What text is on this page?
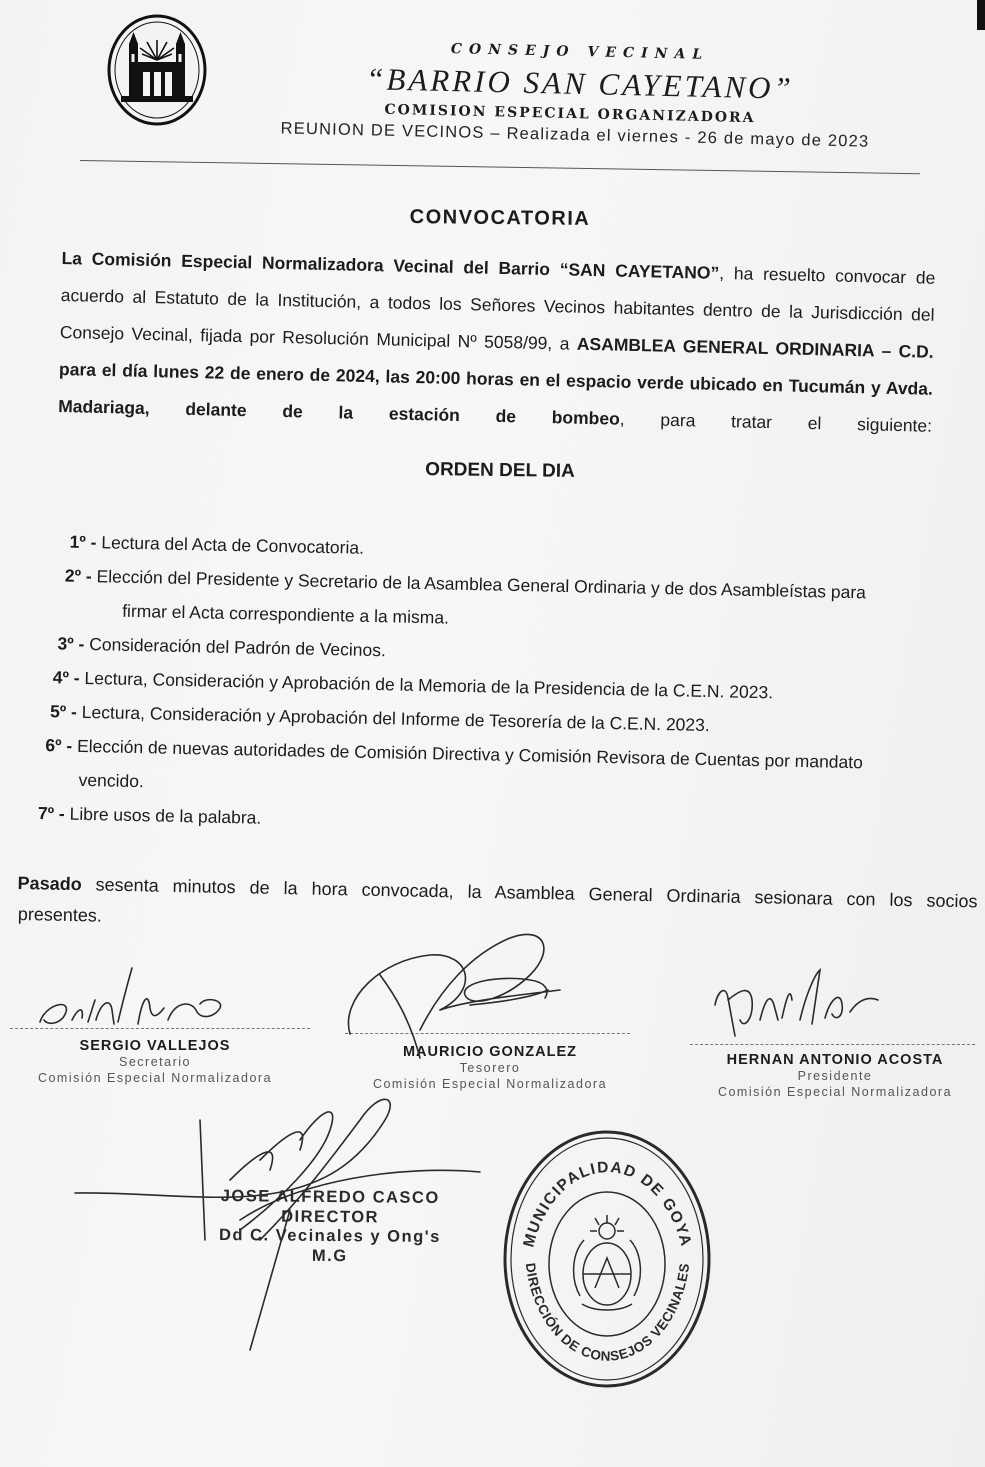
CONSEJO VECINAL
“BARRIO SAN CAYETANO”
COMISION ESPECIAL ORGANIZADORA
REUNION DE VECINOS – Realizada el viernes - 26 de mayo de 2023
CONVOCATORIA
La Comisión Especial Normalizadora Vecinal del Barrio “SAN CAYETANO”, ha resuelto convocar de acuerdo al Estatuto de la Institución, a todos los Señores Vecinos habitantes dentro de la Jurisdicción del Consejo Vecinal, fijada por Resolución Municipal Nº 5058/99, a ASAMBLEA GENERAL ORDINARIA – C.D. para el día lunes 22 de enero de 2024, las 20:00 horas en el espacio verde ubicado en Tucumán y Avda. Madariaga, delante de la estación de bombeo, para tratar el siguiente:
ORDEN DEL DIA
1º - Lectura del Acta de Convocatoria.
2º - Elección del Presidente y Secretario de la Asamblea General Ordinaria y de dos Asambleístas para
firmar el Acta correspondiente a la misma.
3º - Consideración del Padrón de Vecinos.
4º - Lectura, Consideración y Aprobación de la Memoria de la Presidencia de la C.E.N. 2023.
5º - Lectura, Consideración y Aprobación del Informe de Tesorería de la C.E.N. 2023.
6º - Elección de nuevas autoridades de Comisión Directiva y Comisión Revisora de Cuentas por mandato
vencido.
7º - Libre usos de la palabra.
Pasado sesenta minutos de la hora convocada, la Asamblea General Ordinaria sesionara con los socios
presentes.
SERGIO VALLEJOS
Secretario
Comisión Especial Normalizadora
MAURICIO GONZALEZ
Tesorero
Comisión Especial Normalizadora
HERNAN ANTONIO ACOSTA
Presidente
Comisión Especial Normalizadora
JOSE ALFREDO CASCO
DIRECTOR
Dd C. Vecinales y Ong's
M.G
MUNICIPALIDAD DE GOYA
DIRECCIÓN DE CONSEJOS VECINALES
